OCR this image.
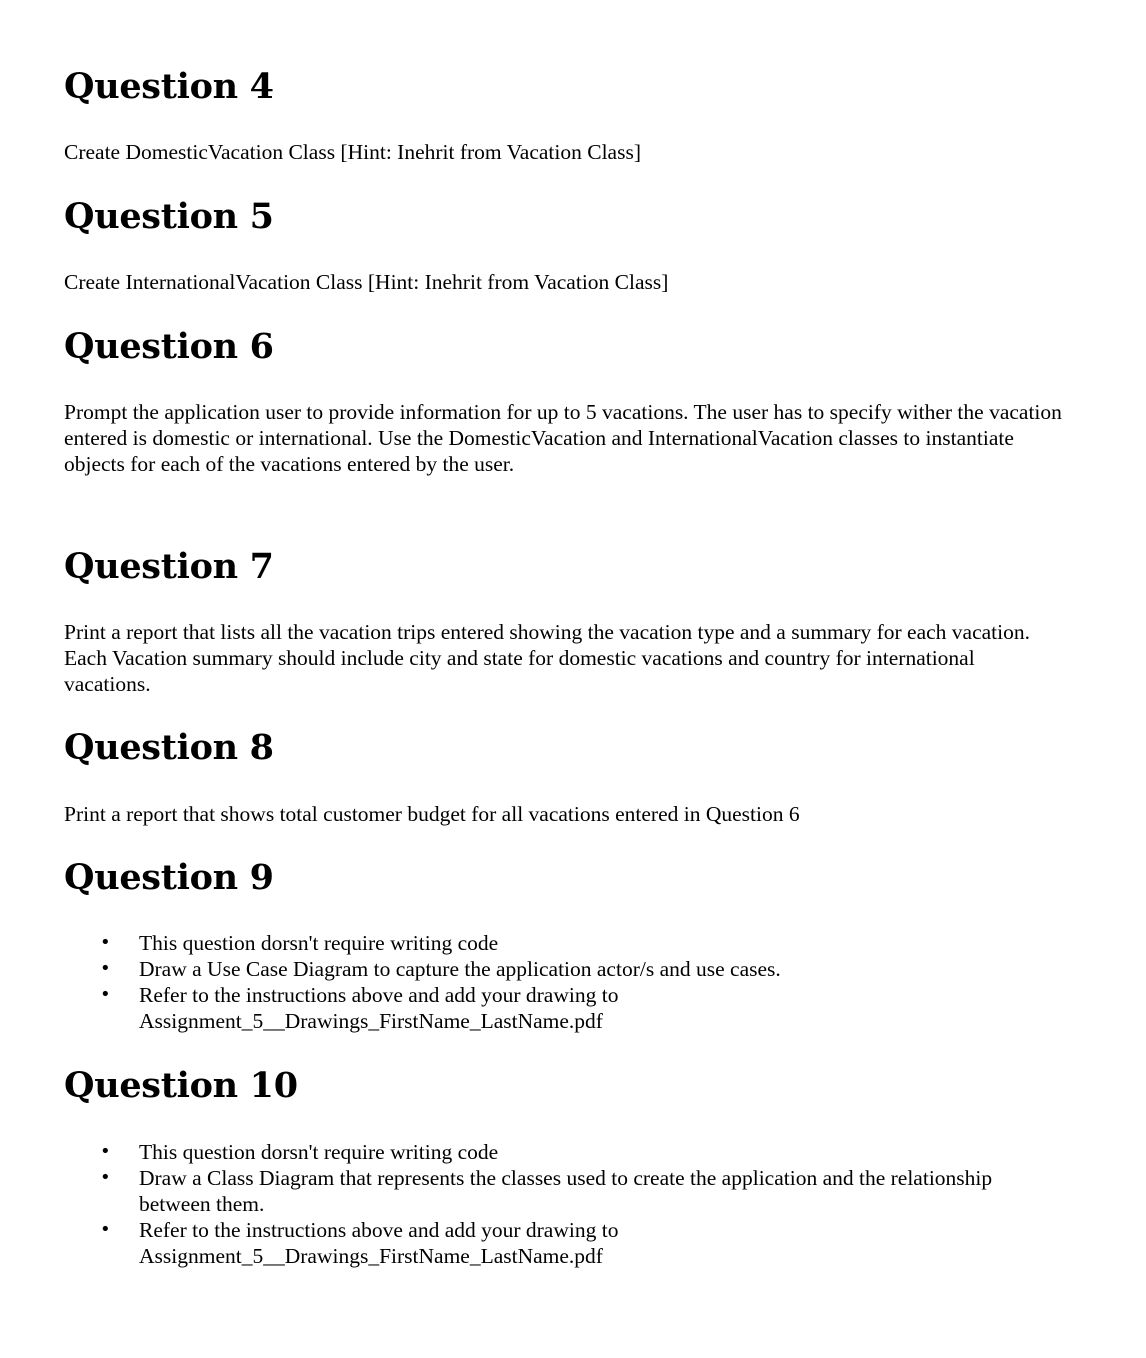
Question 4

Create DomesticVacation Class [Hint: Inehrit from Vacation Class]

Question 5

Create InternationalVacation Class [Hint: Inehrit from Vacation Class]

Question 6

Prompt the application user to provide information for up to 5 vacations. The user has to specify wither the vacation entered is domestic or international. Use the DomesticVacation and InternationalVacation classes to instantiate objects for each of the vacations entered by the user.

Question 7

Print a report that lists all the vacation trips entered showing the vacation type and a summary for each vacation. Each Vacation summary should include city and state for domestic vacations and country for international vacations.

Question 8

Print a report that shows total customer budget for all vacations entered in Question 6

Question 9
• This question dorsn't require writing code
• Draw a Use Case Diagram to capture the application actor/s and use cases.
• Refer to the instructions above and add your drawing to Assignment_5__Drawings_FirstName_LastName.pdf
Question 10
• This question dorsn't require writing code
• Draw a Class Diagram that represents the classes used to create the application and the relationship between them.
• Refer to the instructions above and add your drawing to Assignment_5__Drawings_FirstName_LastName.pdf
